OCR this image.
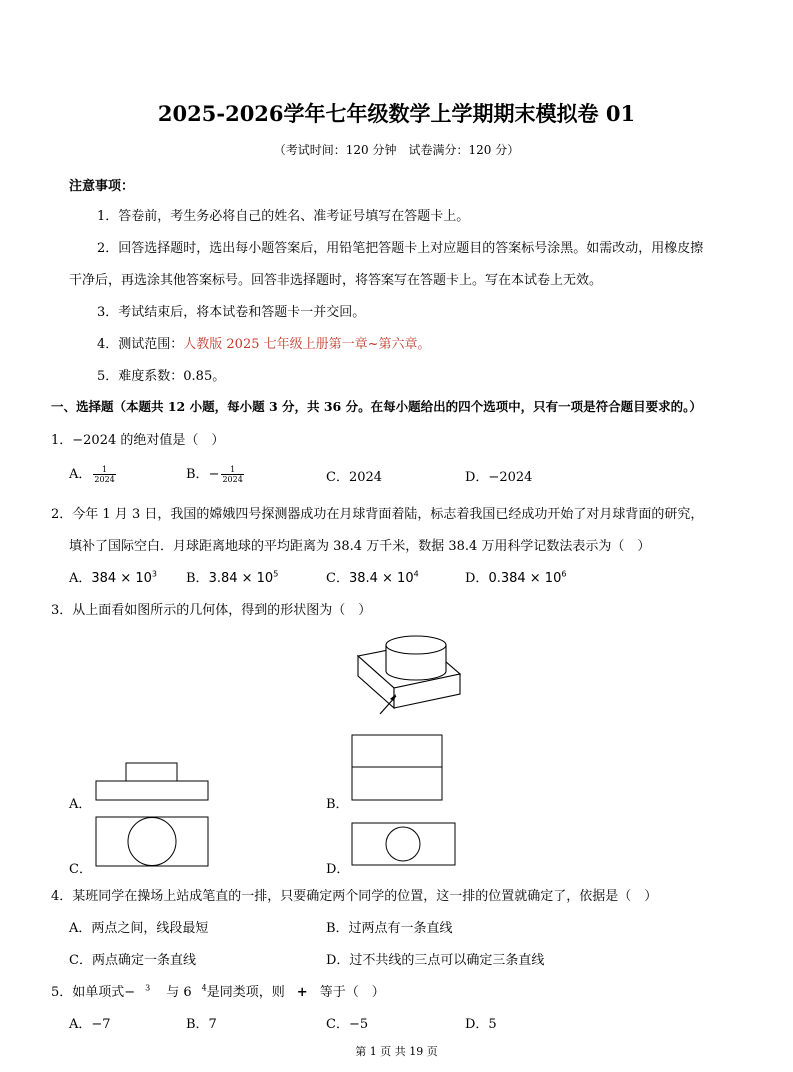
2025-2026学年七年级数学上学期期末模拟卷 01
（考试时间：120 分钟　试卷满分：120 分）
注意事项：
1．答卷前，考生务必将自己的姓名、准考证号填写在答题卡上。
2．回答选择题时，选出每小题答案后，用铅笔把答题卡上对应题目的答案标号涂黑。如需改动，用橡皮擦
干净后，再选涂其他答案标号。回答非选择题时，将答案写在答题卡上。写在本试卷上无效。
3．考试结束后，将本试卷和答题卡一并交回。
4．测试范围：人教版 2025 七年级上册第一章~第六章。
5．难度系数：0.85。
一、选择题（本题共 12 小题，每小题 3 分，共 36 分。在每小题给出的四个选项中，只有一项是符合题目要求的。）
1．−2024 的绝对值是（　）
A． $\frac{1}{2024}$	B．− $\frac{1}{2024}$	C．2024	D．−2024
2．今年 1 月 3 日，我国的嫦娥四号探测器成功在月球背面着陆，标志着我国已经成功开始了对月球背面的研究，
填补了国际空白．月球距离地球的平均距离为 38.4 万千米，数据 38.4 万用科学记数法表示为（　）
A．$384 \times 10^3$ B．$3.84 \times 10^5$	C．$38.4 \times 10^4$	D．$0.384 \times 10^6$
3．从上面看如图所示的几何体，得到的形状图为（　）
A．	B．
C．	D．
4．某班同学在操场上站成笔直的一排，只要确定两个同学的位置，这一排的位置就确定了，依据是（　）
A．两点之间，线段最短	B．过两点有一条直线
C．两点确定一条直线	D．过不共线的三点可以确定三条直线
5．如单项式− $^3$ 与 6 $^4$是同类项，则 + 等于（　）
A．−7	B．7	C．−5	D．5
第 1 页 共 19 页
